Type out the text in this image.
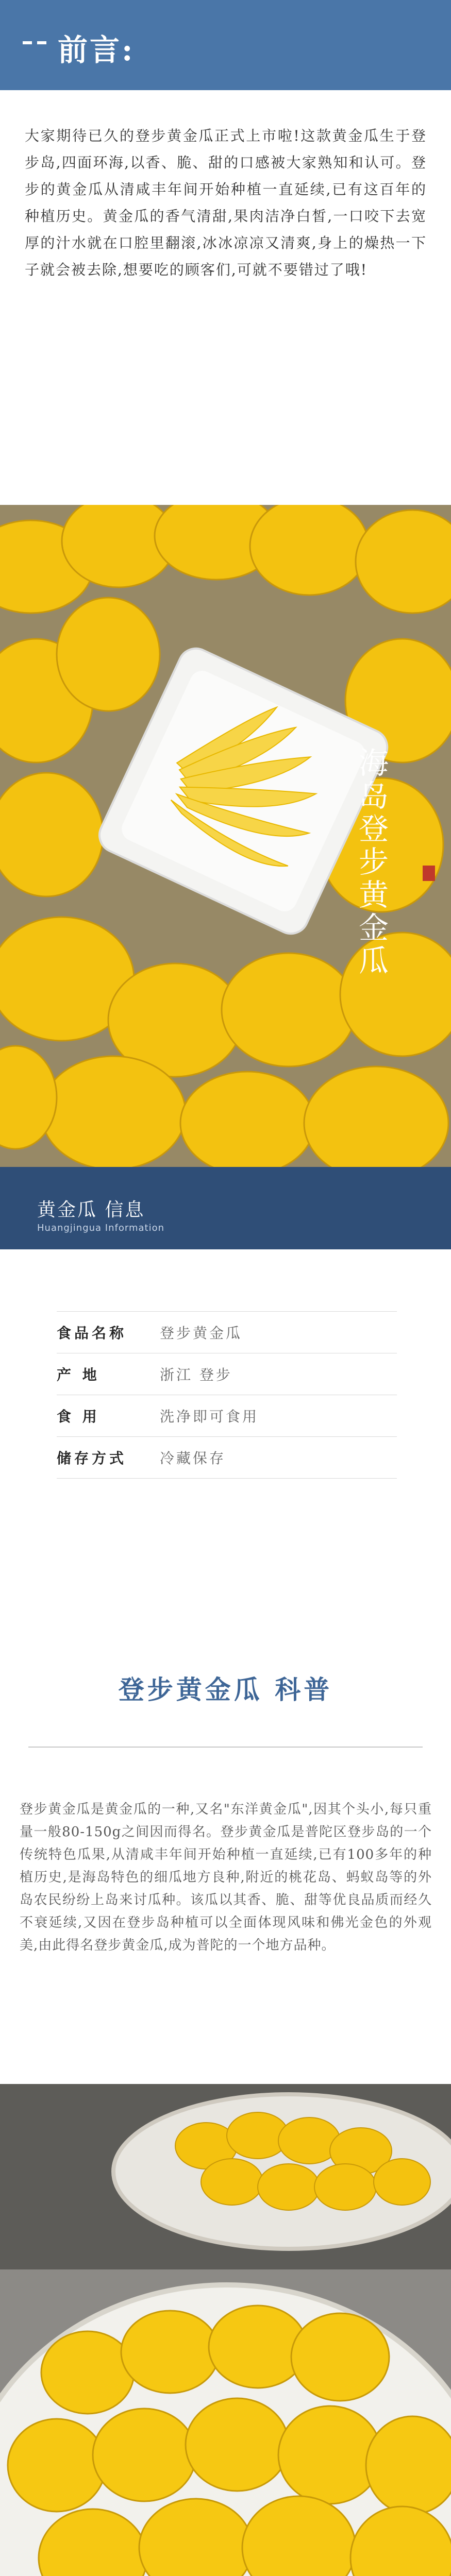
前言:
大家期待已久的登步黄金瓜正式上市啦!这款黄金瓜生于登步岛,四面环海,以香、脆、甜的口感被大家熟知和认可。登步的黄金瓜从清咸丰年间开始种植一直延续,已有这百年的种植历史。黄金瓜的香气清甜,果肉洁净白皙,一口咬下去宽厚的汁水就在口腔里翻滚,冰冰凉凉又清爽,身上的燥热一下子就会被去除,想要吃的顾客们,可就不要错过了哦!
海岛登步黄金瓜
黄金瓜 信息
Huangjingua Information
食品名称	登步黄金瓜
产 地	浙江 登步
食 用	洗净即可食用
储存方式	冷藏保存
登步黄金瓜 科普
登步黄金瓜是黄金瓜的一种,又名"东洋黄金瓜",因其个头小,每只重量一般80-150g之间因而得名。登步黄金瓜是普陀区登步岛的一个传统特色瓜果,从清咸丰年间开始种植一直延续,已有100多年的种植历史,是海岛特色的细瓜地方良种,附近的桃花岛、蚂蚁岛等的外岛农民纷纷上岛来讨瓜种。该瓜以其香、脆、甜等优良品质而经久不衰延续,又因在登步岛种植可以全面体现风味和佛光金色的外观美,由此得名登步黄金瓜,成为普陀的一个地方品种。
